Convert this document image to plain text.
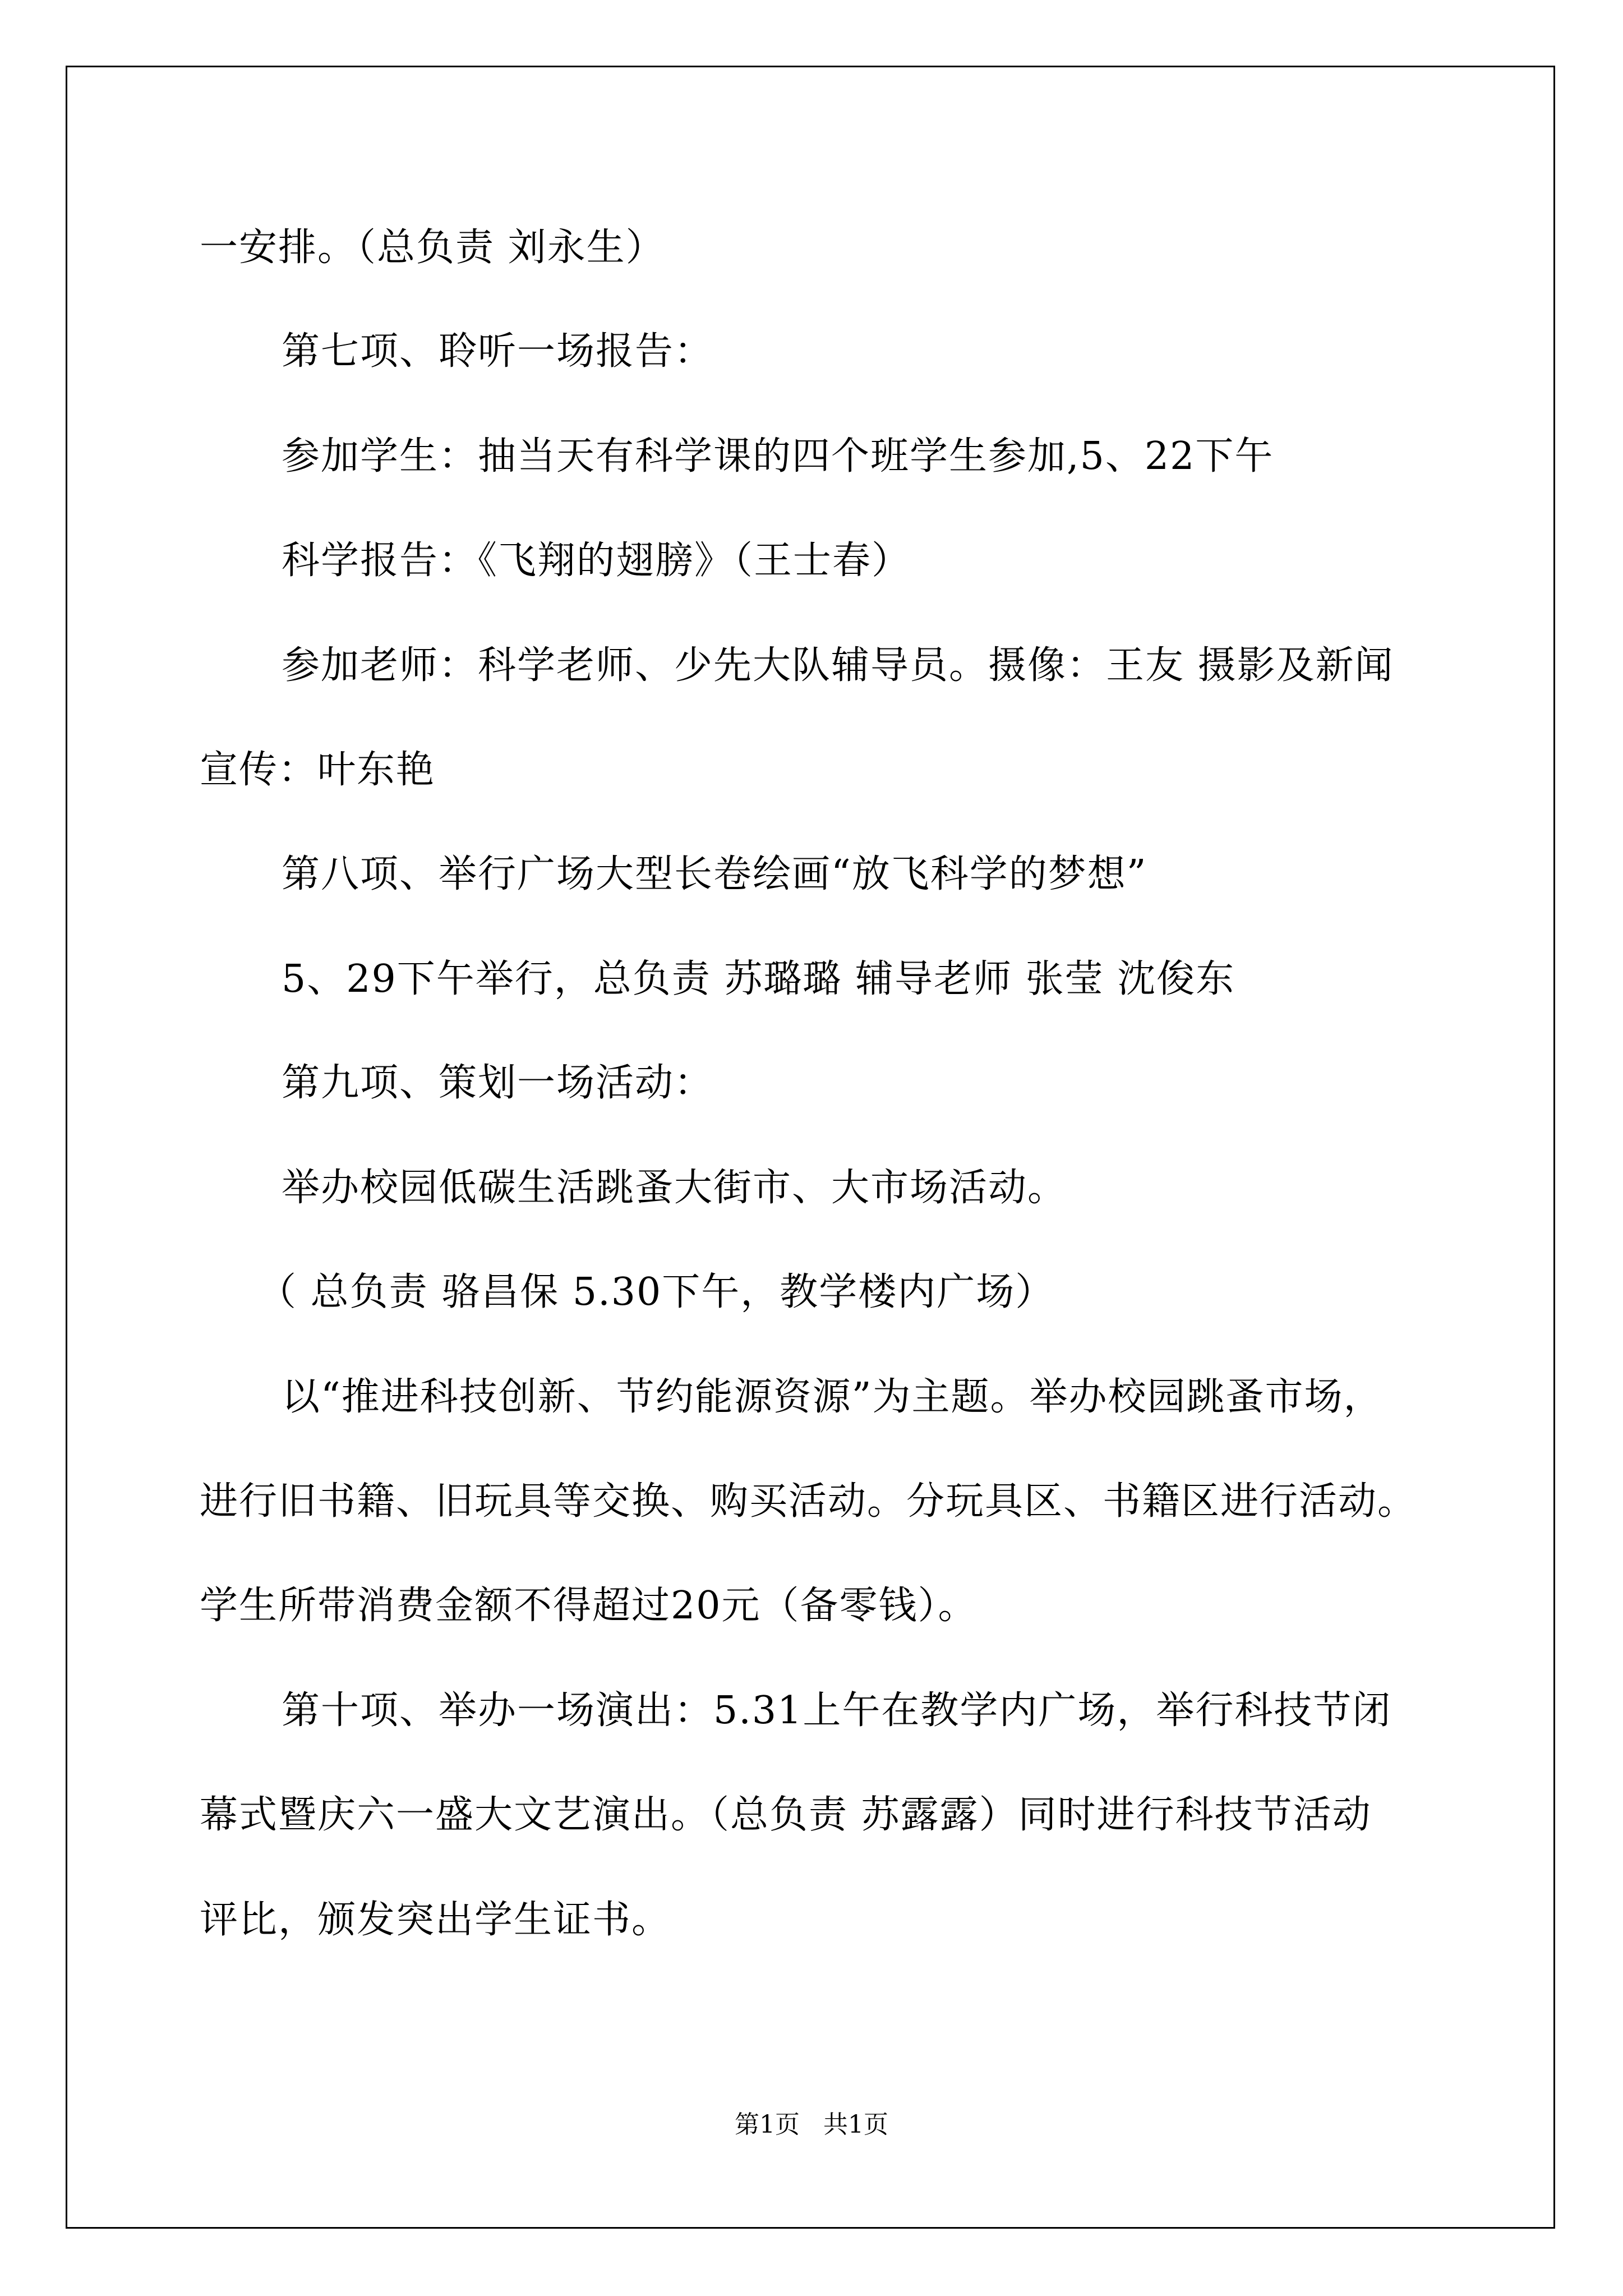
一安排。（总负责 刘永生）
第七项、聆听一场报告：
参加学生：抽当天有科学课的四个班学生参加,5、22下午
科学报告：《飞翔的翅膀》（王士春）
参加老师：科学老师、少先大队辅导员。摄像：王友 摄影及新闻
宣传：叶东艳
第八项、举行广场大型长卷绘画“放飞科学的梦想”
5、29下午举行，总负责 苏璐璐 辅导老师 张莹 沈俊东
第九项、策划一场活动：
举办校园低碳生活跳蚤大街市、大市场活动。
（ 总负责 骆昌保 5.30下午，教学楼内广场）
以“推进科技创新、节约能源资源”为主题。举办校园跳蚤市场，
进行旧书籍、旧玩具等交换、购买活动。分玩具区、书籍区进行活动。
学生所带消费金额不得超过20元（备零钱）。
第十项、举办一场演出：5.31上午在教学内广场，举行科技节闭
幕式暨庆六一盛大文艺演出。（总负责 苏露露）同时进行科技节活动
评比，颁发突出学生证书。
第1页   共1页
